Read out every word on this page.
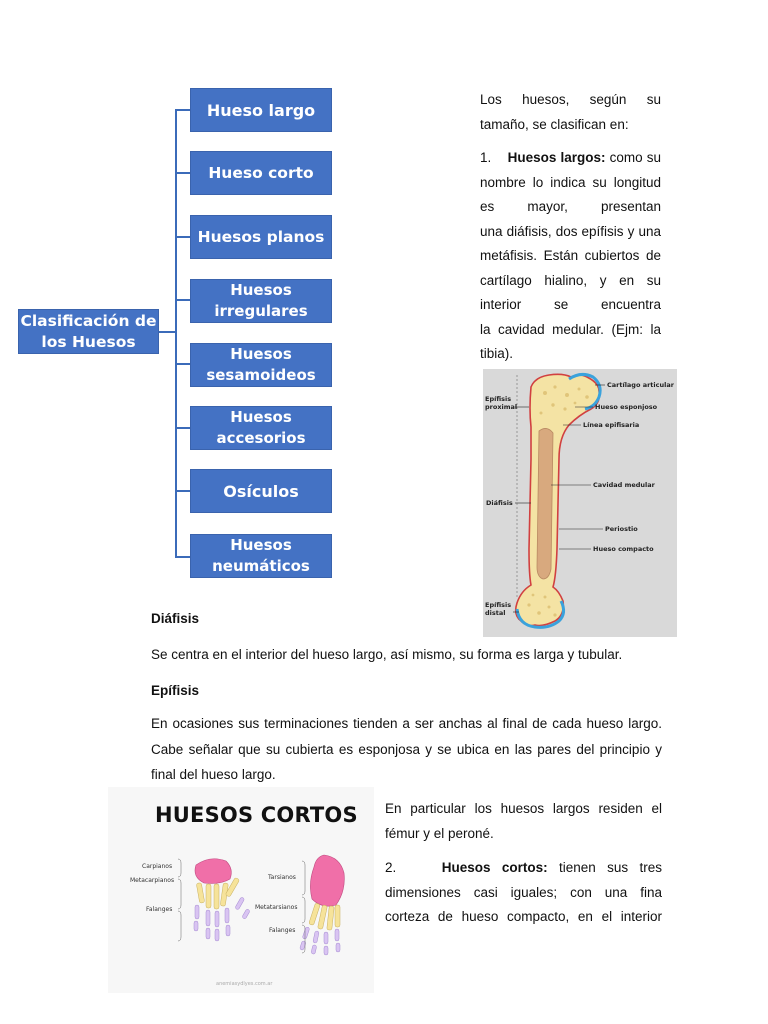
Clasificación de
los Huesos
Hueso largo
Hueso corto
Huesos planos
Huesos
irregulares
Huesos
sesamoideos
Huesos
accesorios
Osículos
Huesos
neumáticos
Los huesos, según su
tamaño, se clasifican en:
1. Huesos largos: como su
nombre lo indica su longitud
es mayor, presentan
una diáfisis, dos epífisis y una
metáfisis. Están cubiertos de
cartílago hialino, y en su
interior se encuentra
la cavidad medular. (Ejm: la
tibia).
Cartílago articular
Hueso esponjoso
Línea epifisaria
Cavidad medular
Periostio
Hueso compacto
Epífisis
proximal
Diáfisis
Epífisis
distal
Diáfisis
Se centra en el interior del hueso largo, así mismo, su forma es larga y tubular.
Epífisis
En ocasiones sus terminaciones tienden a ser anchas al final de cada hueso largo.
Cabe señalar que su cubierta es esponjosa y se ubica en las pares del principio y
final del hueso largo.
HUESOS CORTOS
Carpianos
Metacarpianos
Falanges
Tarsianos
Metatarsianos
Falanges
anemiasydlyes.com.ar
En particular los huesos largos residen el
fémur y el peroné.
2.	Huesos cortos: tienen sus tres
dimensiones casi iguales; con una fina
corteza de hueso compacto, en el interior
